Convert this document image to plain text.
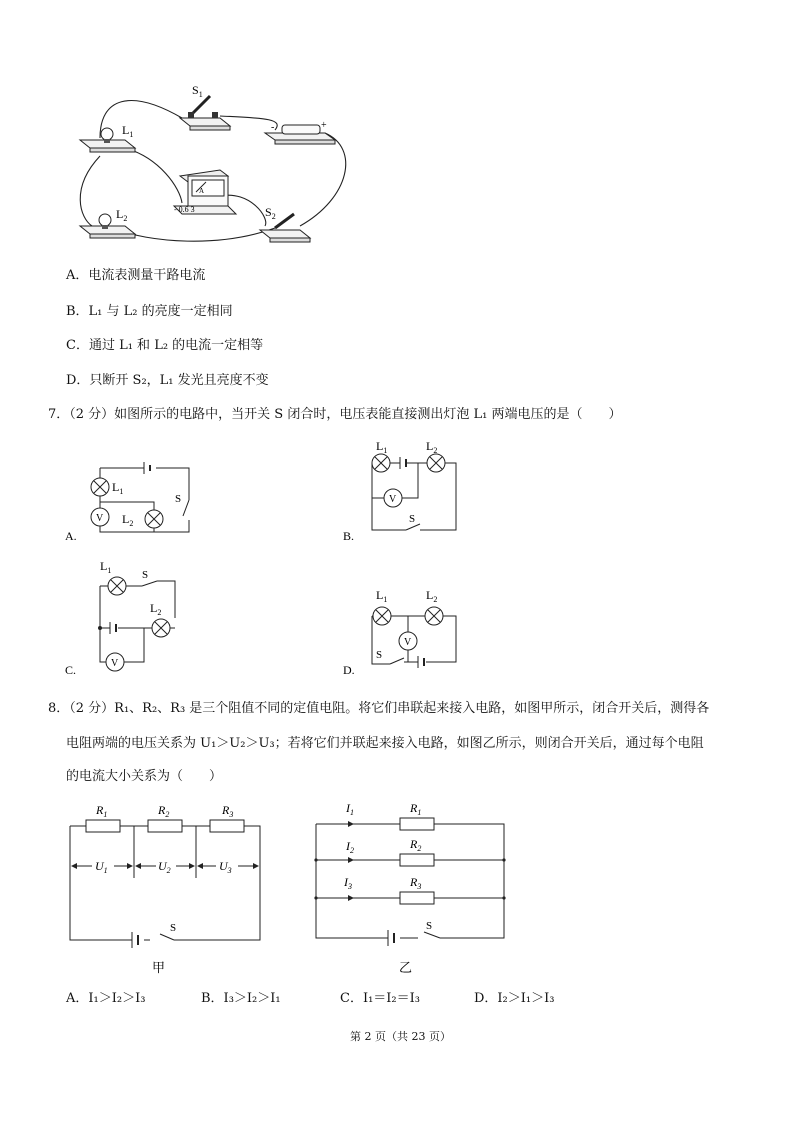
$S_1$
$L_1$
$L_2$	$S_2$
-	+
A
- 0.6 3
A．电流表测量干路电流
B．L₁ 与 L₂ 的亮度一定相同
C．通过 L₁ 和 L₂ 的电流一定相等
D．只断开 S₂，L₁ 发光且亮度不变
7．（2 分）如图所示的电路中，当开关 S 闭合时，电压表能直接测出灯泡 L₁ 两端电压的是（　　）
V
$L_1$
$L_2$
S
A.
V
$L_1$	$L_2$
S
B.
V
$L_1$
$L_2$
S
C.
V
$L_1$	$L_2$
S
D.
8．（2 分）R₁、R₂、R₃ 是三个阻值不同的定值电阻。将它们串联起来接入电路，如图甲所示，闭合开关后，测得各
电阻两端的电压关系为 U₁＞U₂＞U₃；若将它们并联起来接入电路，如图乙所示，则闭合开关后，通过每个电阻
的电流大小关系为（　　）
$R_1$	$R_2$	$R_3$
$U_1$	$U_2$	$U_3$
S
甲
$I_1$
$I_2$
$I_3$
$R_1$
$R_2$
$R_3$
S
乙
A．I₁＞I₂＞I₃	B．I₃＞I₂＞I₁	C．I₁＝I₂＝I₃	D．I₂＞I₁＞I₃
第 2 页（共 23 页）
